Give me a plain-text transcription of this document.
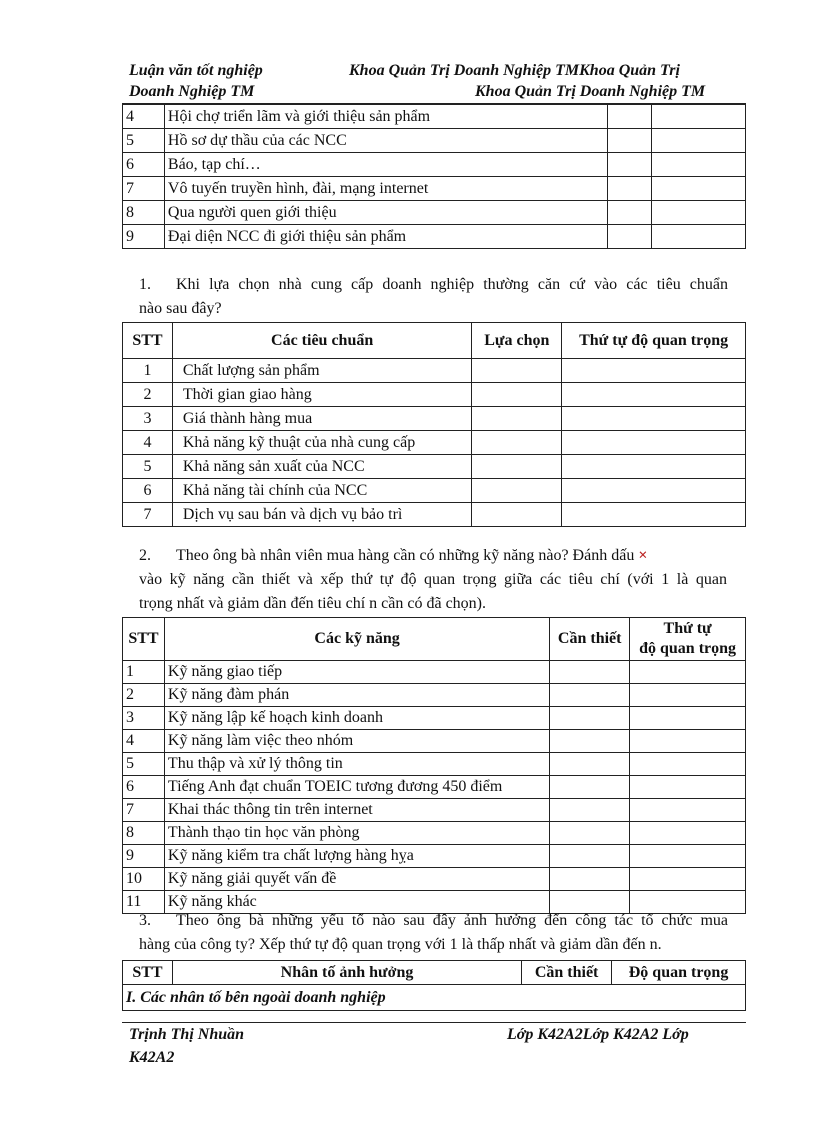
Luận văn tốt nghiệp	Khoa Quản Trị Doanh Nghiệp TMKhoa Quản Trị
Doanh Nghiệp TM	Khoa Quản Trị Doanh Nghiệp TM
4	Hội chợ triển lãm và giới thiệu sản phẩm		
5	Hồ sơ dự thầu của các NCC		
6	Báo, tạp chí…		
7	Vô tuyến truyền hình, đài, mạng internet		
8	Qua người quen giới thiệu		
9	Đại diện NCC đi giới thiệu sản phẩm		
1. Khi lựa chọn nhà cung cấp doanh nghiệp thường căn cứ vào các tiêu chuẩn
nào sau đây?
STT	Các tiêu chuẩn	Lựa chọn	Thứ tự độ quan trọng
1	Chất lượng sản phẩm		
2	Thời gian giao hàng		
3	Giá thành hàng mua		
4	Khả năng kỹ thuật của nhà cung cấp		
5	Khả năng sản xuất của NCC		
6	Khả năng tài chính của NCC		
7	Dịch vụ sau bán và dịch vụ bảo trì		
2. Theo ông bà nhân viên mua hàng cần có những kỹ năng nào? Đánh dấu ×
vào kỹ năng cần thiết và xếp thứ tự độ quan trọng giữa các tiêu chí (với 1 là quan
trọng nhất và giảm dần đến tiêu chí n cần có đã chọn).
STT	Các kỹ năng	Cần thiết	Thứ tự
độ quan trọng

1	Kỹ năng giao tiếp		
2	Kỹ năng đàm phán		
3	Kỹ năng lập kế hoạch kinh doanh		
4	Kỹ năng làm việc theo nhóm		
5	Thu thập và xử lý thông tin		
6	Tiếng Anh đạt chuẩn TOEIC tương đương 450 điểm		
7	Khai thác thông tin trên internet		
8	Thành thạo tin học văn phòng		
9	Kỹ năng kiểm tra chất lượng hàng hỵa		
10	Kỹ năng giải quyết vấn đề		
11	Kỹ năng khác		
3. Theo ông bà những yếu tố nào sau đây ảnh hưởng đến công tác tổ chức mua
hàng của công ty? Xếp thứ tự độ quan trọng với 1 là thấp nhất và giảm dần đến n.
STT	Nhân tố ảnh hưởng	Cần thiết	Độ quan trọng
I. Các nhân tố bên ngoài doanh nghiệp
Trịnh Thị Nhuần	Lớp K42A2Lớp K42A2 Lớp
K42A2
